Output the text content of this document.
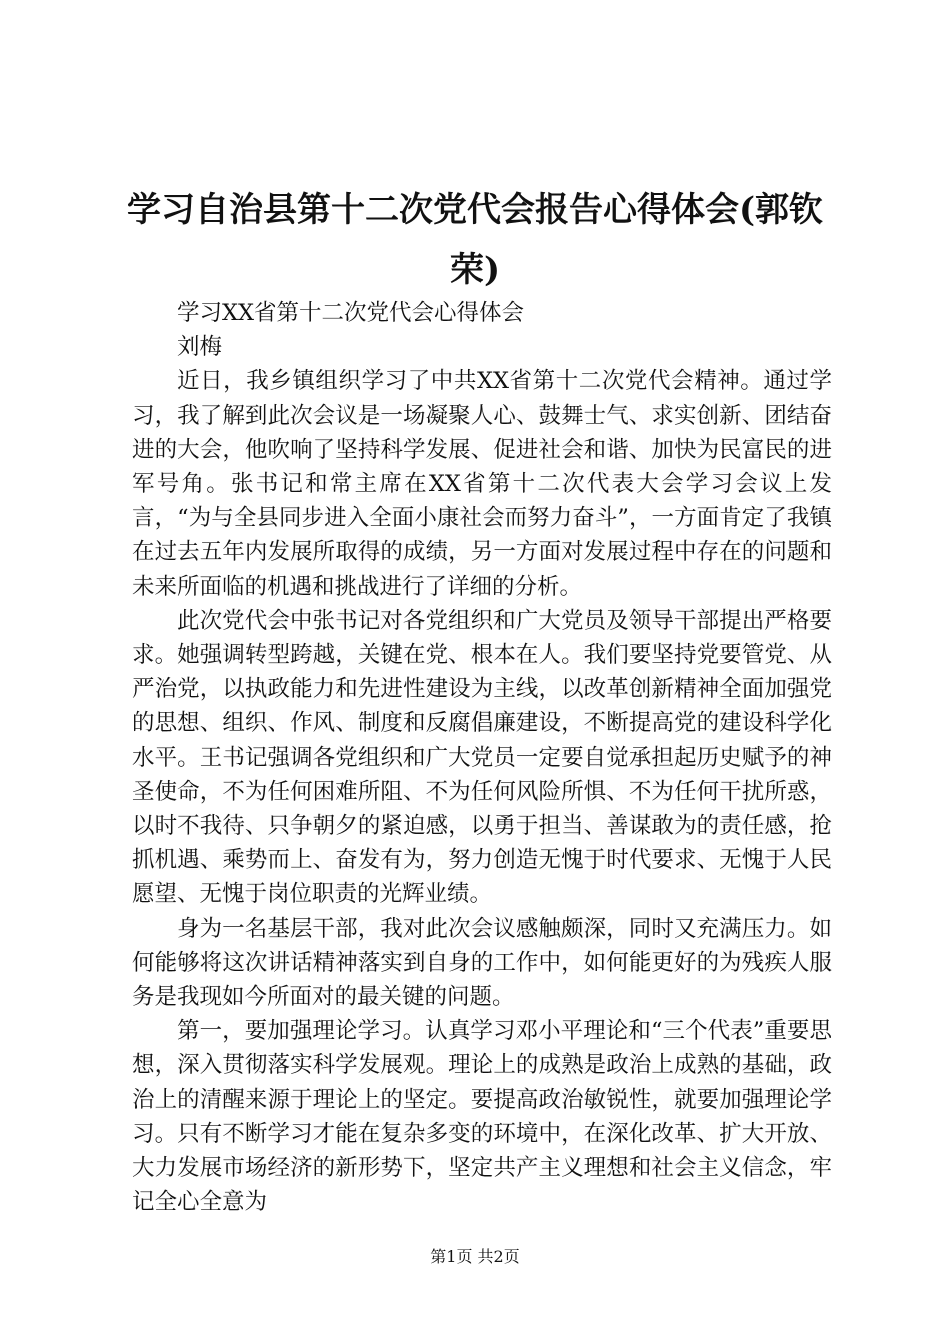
学习自治县第十二次党代会报告心得体会(郭钦荣)

学习XX省第十二次党代会心得体会

刘梅

近日，我乡镇组织学习了中共XX省第十二次党代会精神。通过学习，我了解到此次会议是一场凝聚人心、鼓舞士气、求实创新、团结奋进的大会，他吹响了坚持科学发展、促进社会和谐、加快为民富民的进军号角。张书记和常主席在XX省第十二次代表大会学习会议上发言，“为与全县同步进入全面小康社会而努力奋斗”，一方面肯定了我镇在过去五年内发展所取得的成绩，另一方面对发展过程中存在的问题和未来所面临的机遇和挑战进行了详细的分析。

此次党代会中张书记对各党组织和广大党员及领导干部提出严格要求。她强调转型跨越，关键在党、根本在人。我们要坚持党要管党、从严治党，以执政能力和先进性建设为主线，以改革创新精神全面加强党的思想、组织、作风、制度和反腐倡廉建设，不断提高党的建设科学化水平。王书记强调各党组织和广大党员一定要自觉承担起历史赋予的神圣使命，不为任何困难所阻、不为任何风险所惧、不为任何干扰所惑，以时不我待、只争朝夕的紧迫感，以勇于担当、善谋敢为的责任感，抢抓机遇、乘势而上、奋发有为，努力创造无愧于时代要求、无愧于人民愿望、无愧于岗位职责的光辉业绩。

身为一名基层干部，我对此次会议感触颇深，同时又充满压力。如何能够将这次讲话精神落实到自身的工作中，如何能更好的为残疾人服务是我现如今所面对的最关键的问题。

第一，要加强理论学习。认真学习邓小平理论和“三个代表”重要思想，深入贯彻落实科学发展观。理论上的成熟是政治上成熟的基础，政治上的清醒来源于理论上的坚定。要提高政治敏锐性，就要加强理论学习。只有不断学习才能在复杂多变的环境中，在深化改革、扩大开放、大力发展市场经济的新形势下，坚定共产主义理想和社会主义信念，牢记全心全意为

第1页 共2页
